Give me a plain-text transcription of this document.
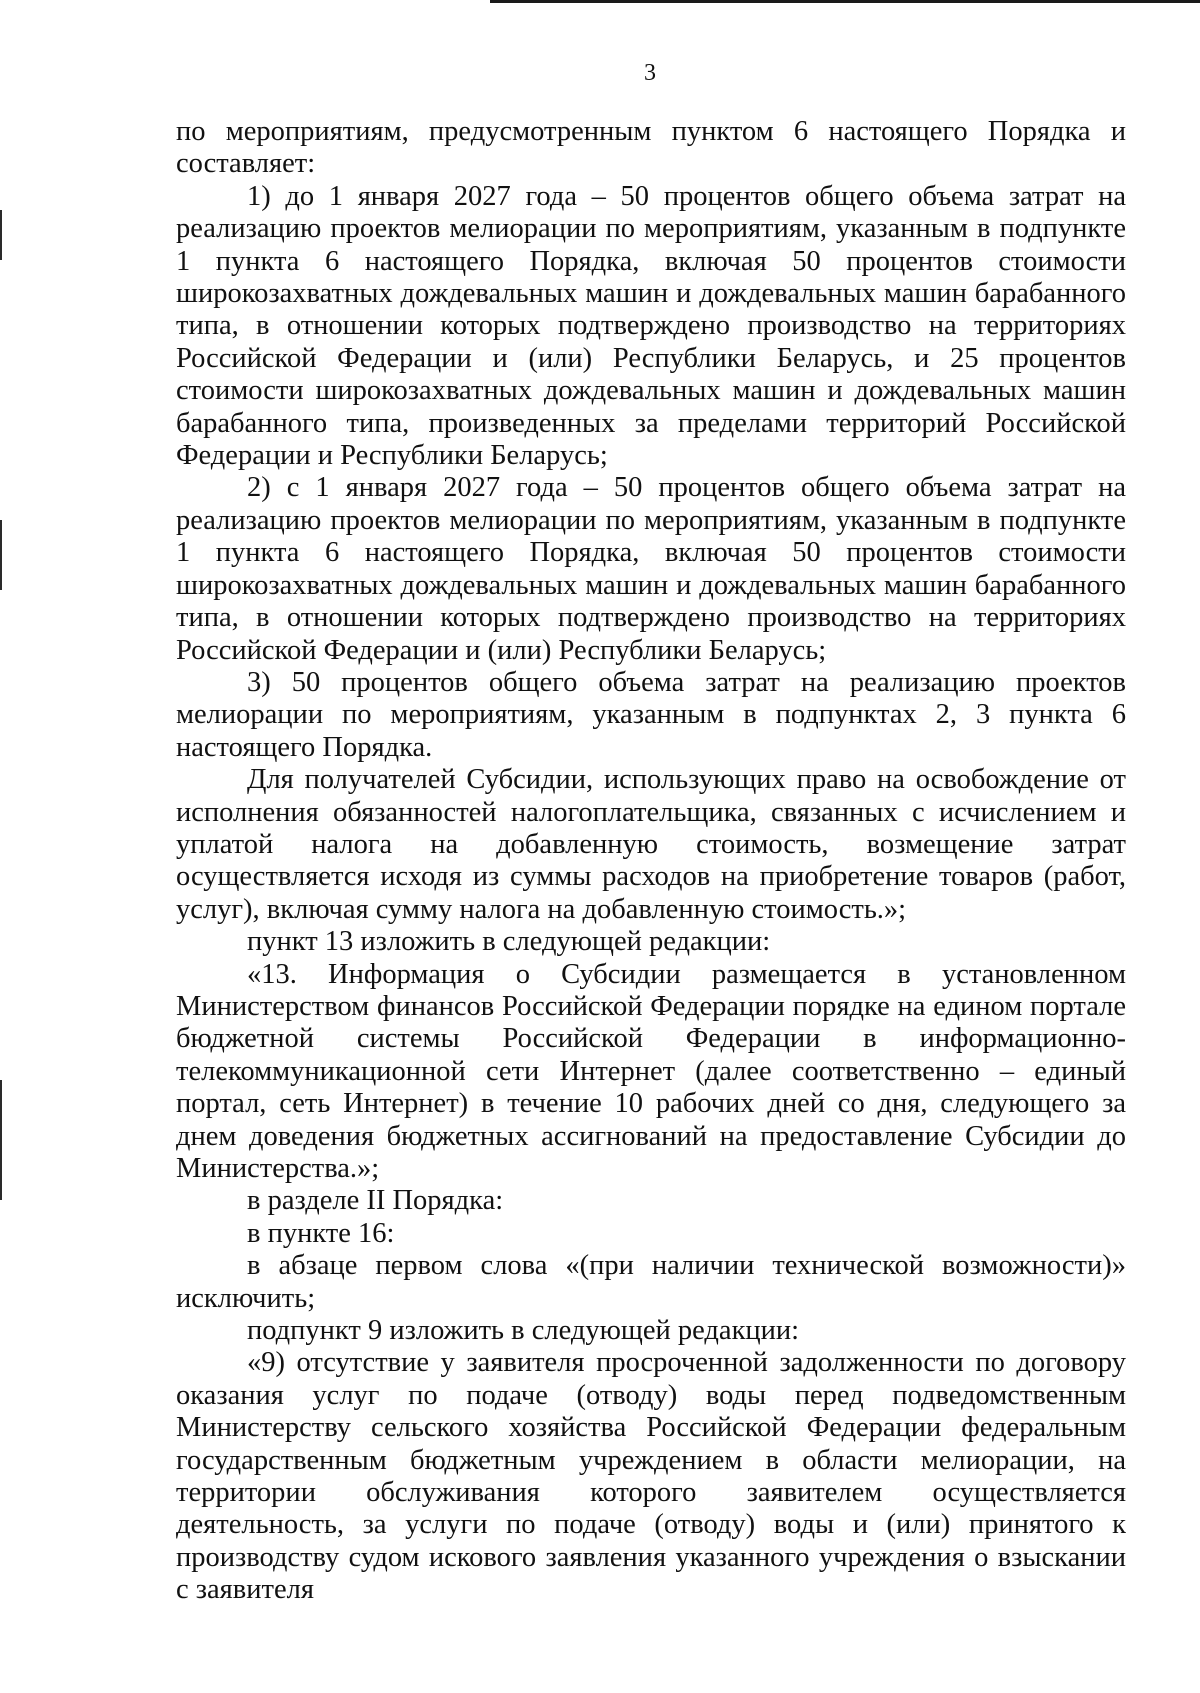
3

по мероприятиям, предусмотренным пунктом 6 настоящего Порядка и составляет:

1) до 1 января 2027 года – 50 процентов общего объема затрат на реализацию проектов мелиорации по мероприятиям, указанным в подпункте 1 пункта 6 настоящего Порядка, включая 50 процентов стоимости широкозахватных дождевальных машин и дождевальных машин барабанного типа, в отношении которых подтверждено производство на территориях Российской Федерации и (или) Республики Беларусь, и 25 процентов стоимости широкозахватных дождевальных машин и дождевальных машин барабанного типа, произведенных за пределами территорий Российской Федерации и Республики Беларусь;

2) с 1 января 2027 года – 50 процентов общего объема затрат на реализацию проектов мелиорации по мероприятиям, указанным в подпункте 1 пункта 6 настоящего Порядка, включая 50 процентов стоимости широкозахватных дождевальных машин и дождевальных машин барабанного типа, в отношении которых подтверждено производство на территориях Российской Федерации и (или) Республики Беларусь;

3) 50 процентов общего объема затрат на реализацию проектов мелиорации по мероприятиям, указанным в подпунктах 2, 3 пункта 6 настоящего Порядка.

Для получателей Субсидии, использующих право на освобождение от исполнения обязанностей налогоплательщика, связанных с исчислением и уплатой налога на добавленную стоимость, возмещение затрат осуществляется исходя из суммы расходов на приобретение товаров (работ, услуг), включая сумму налога на добавленную стоимость.»;

пункт 13 изложить в следующей редакции:

«13. Информация о Субсидии размещается в установленном Министерством финансов Российской Федерации порядке на едином портале бюджетной системы Российской Федерации в информационно-телекоммуникационной сети Интернет (далее соответственно – единый портал, сеть Интернет) в течение 10 рабочих дней со дня, следующего за днем доведения бюджетных ассигнований на предоставление Субсидии до Министерства.»;

в разделе II Порядка:

в пункте 16:

в абзаце первом слова «(при наличии технической возможности)» исключить;

подпункт 9 изложить в следующей редакции:

«9) отсутствие у заявителя просроченной задолженности по договору оказания услуг по подаче (отводу) воды перед подведомственным Министерству сельского хозяйства Российской Федерации федеральным государственным бюджетным учреждением в области мелиорации, на территории обслуживания которого заявителем осуществляется деятельность, за услуги по подаче (отводу) воды и (или) принятого к производству судом искового заявления указанного учреждения о взыскании с заявителя
